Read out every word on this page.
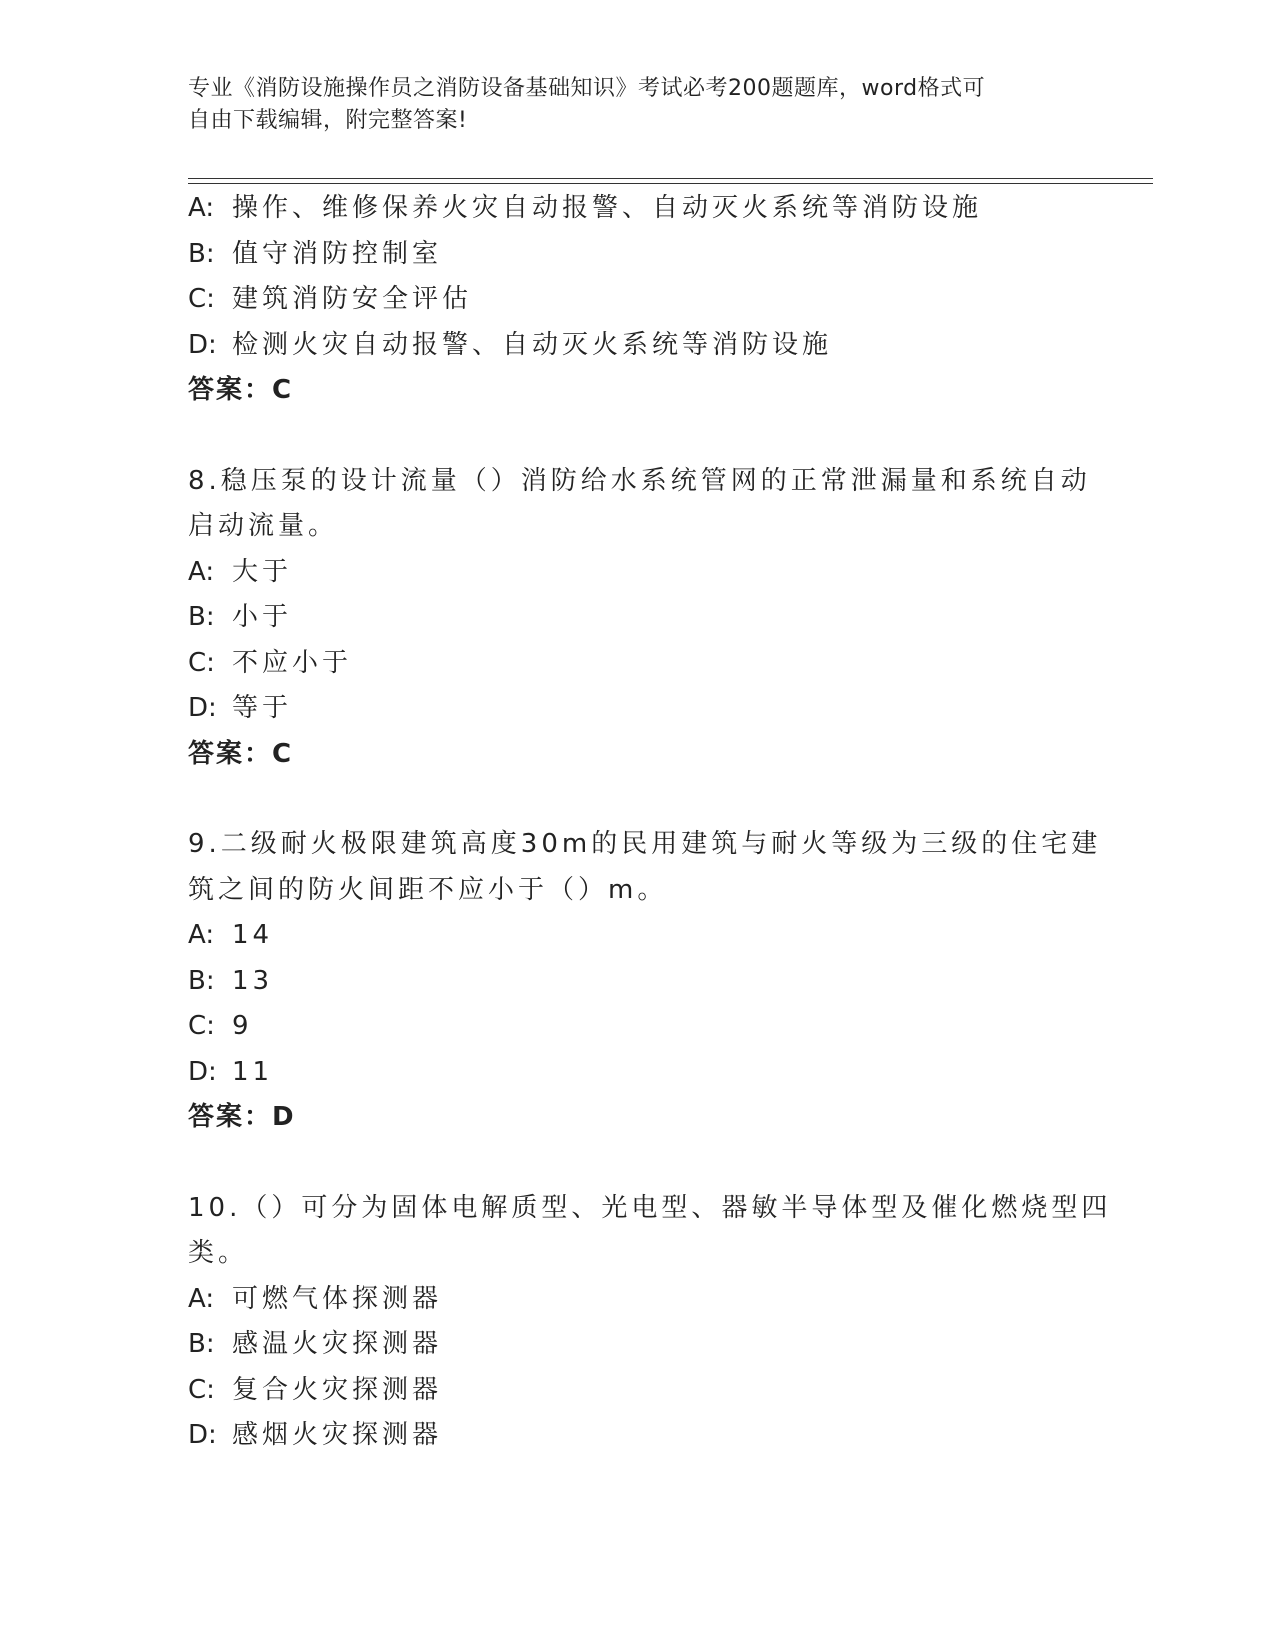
专业《消防设施操作员之消防设备基础知识》考试必考200题题库，word格式可
自由下载编辑，附完整答案!
A: 操作、维修保养火灾自动报警、自动灭火系统等消防设施
B: 值守消防控制室
C: 建筑消防安全评估
D: 检测火灾自动报警、自动灭火系统等消防设施
答案：C
8.稳压泵的设计流量（）消防给水系统管网的正常泄漏量和系统自动
启动流量。
A: 大于
B: 小于
C: 不应小于
D: 等于
答案：C
9.二级耐火极限建筑高度30m的民用建筑与耐火等级为三级的住宅建
筑之间的防火间距不应小于（）m。
A: 14
B: 13
C: 9
D: 11
答案：D
10.（）可分为固体电解质型、光电型、器敏半导体型及催化燃烧型四
类。
A: 可燃气体探测器
B: 感温火灾探测器
C: 复合火灾探测器
D: 感烟火灾探测器
